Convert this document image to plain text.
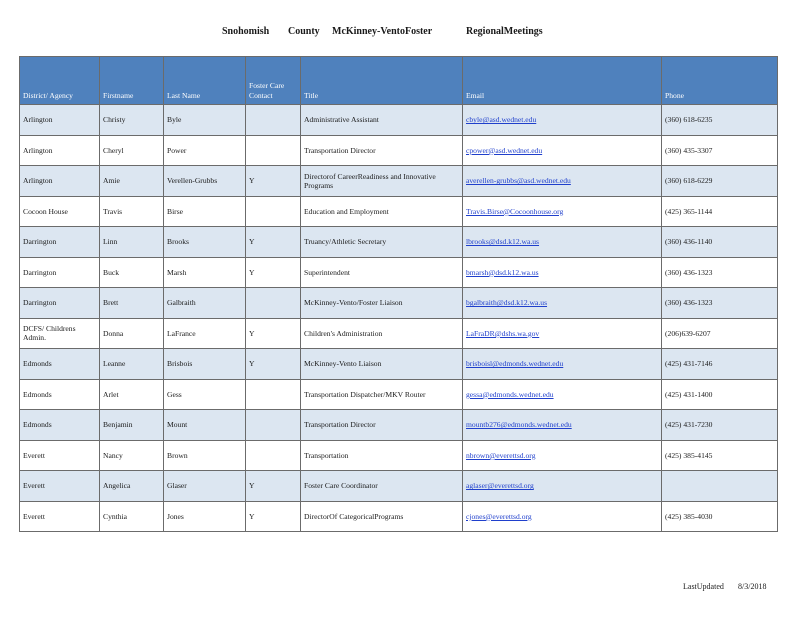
Snohomish County McKinney-VentoFoster	RegionalMeetings
District/ Agency	Firstname	Last Name	Foster Care Contact	Title	Email	Phone
Arlington	Christy	Byle		Administrative Assistant	cbyle@asd.wednet.edu	(360) 618-6235
Arlington	Cheryl	Power		Transportation Director	cpower@asd.wednet.edu	(360) 435-3307
Arlington	Amie	Verellen-Grubbs	Y	Directorof CareerReadiness and Innovative Programs	averellen-grubbs@asd.wednet.edu	(360) 618-6229
Cocoon House	Travis	Birse		Education and Employment	Travis.Birse@Cocoonhouse.org	(425) 365-1144
Darrington	Linn	Brooks	Y	Truancy/Athletic Secretary	lbrooks@dsd.k12.wa.us	(360) 436-1140
Darrington	Buck	Marsh	Y	Superintendent	bmarsh@dsd.k12.wa.us	(360) 436-1323
Darrington	Brett	Galbraith		McKinney-Vento/Foster Liaison	bgalbraith@dsd.k12.wa.us	(360) 436-1323
DCFS/ Childrens Admin.	Donna	LaFrance	Y	Children's Administration	LaFraDR@dshs.wa.gov	(206)639-6207
Edmonds	Leanne	Brisbois	Y	McKinney-Vento Liaison	brisboisl@edmonds.wednet.edu	(425) 431-7146
Edmonds	Arlet	Gess		Transportation Dispatcher/MKV Router	gessa@edmonds.wednet.edu	(425) 431-1400
Edmonds	Benjamin	Mount		Transportation Director	mountb276@edmonds.wednet.edu	(425) 431-7230
Everett	Nancy	Brown		Transportation	nbrown@everettsd.org	(425) 385-4145
Everett	Angelica	Glaser	Y	Foster Care Coordinator	aglaser@everettsd.org	
Everett	Cynthia	Jones	Y	DirectorOf CategoricalPrograms	cjones@everettsd.org	(425) 385-4030
LastUpdated 8/3/2018
